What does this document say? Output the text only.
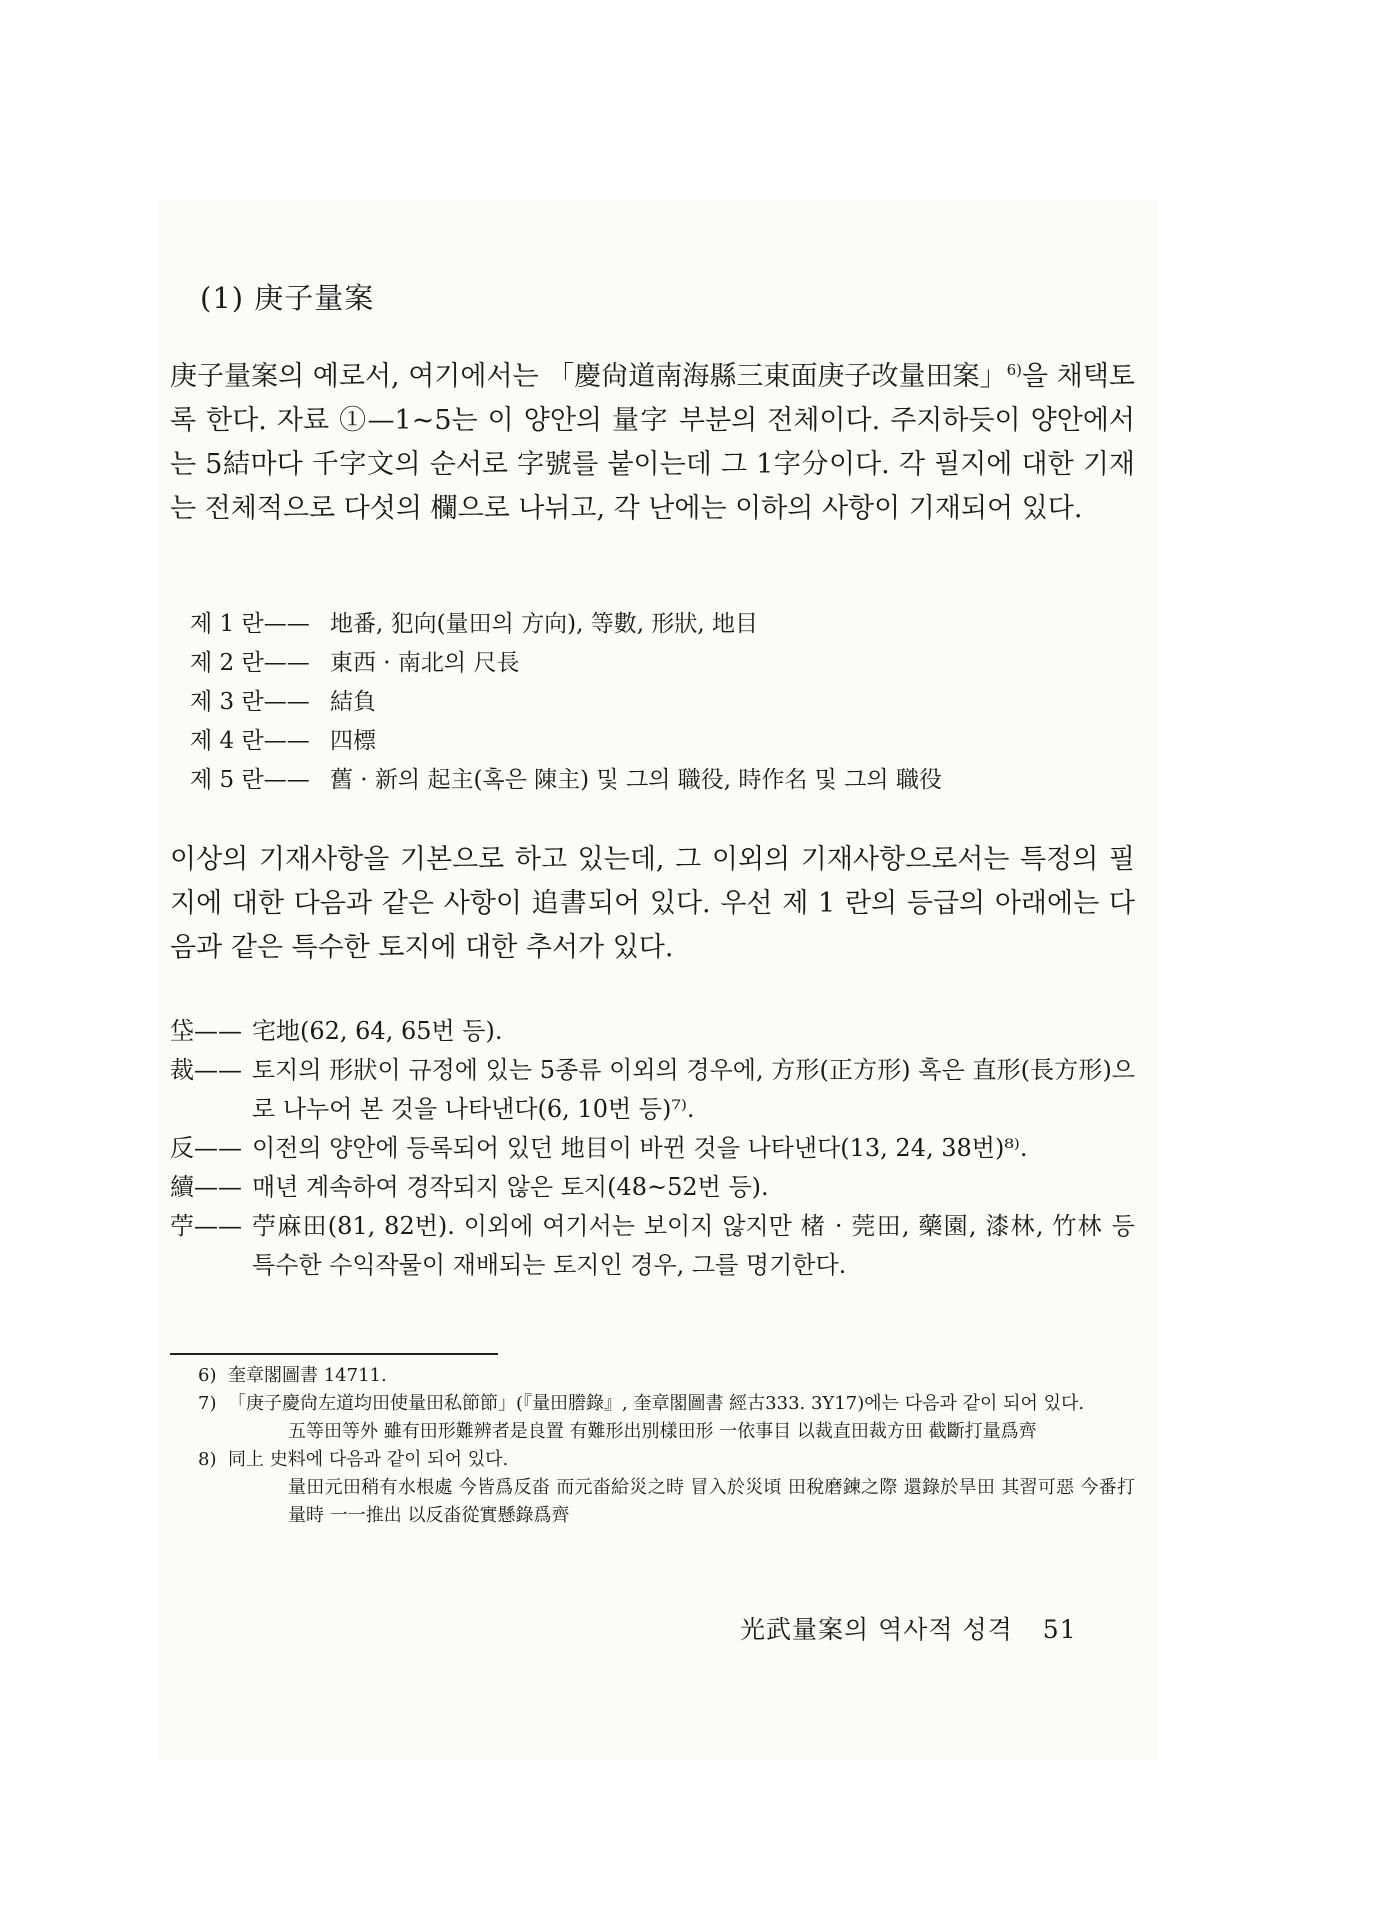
(1) 庚子量案

庚子量案의 예로서, 여기에서는 「慶尙道南海縣三東面庚子改量田案」$^{6)}$을 채택토록 한다. 자료 ①—1~5는 이 양안의 量字 부분의 전체이다. 주지하듯이 양안에서는 5結마다 千字文의 순서로 字號를 붙이는데 그 1字分이다. 각 필지에 대한 기재는 전체적으로 다섯의 欄으로 나뉘고, 각 난에는 이하의 사항이 기재되어 있다.

제 1 란—— 地番, 犯向(量田의 方向), 等數, 形狀, 地目
제 2 란—— 東西 · 南北의 尺長
제 3 란—— 結負
제 4 란—— 四標
제 5 란—— 舊 · 新의 起主(혹은 陳主) 및 그의 職役, 時作名 및 그의 職役

이상의 기재사항을 기본으로 하고 있는데, 그 이외의 기재사항으로서는 특정의 필지에 대한 다음과 같은 사항이 追書되어 있다. 우선 제 1 란의 등급의 아래에는 다음과 같은 특수한 토지에 대한 추서가 있다.

垈—— 宅地(62, 64, 65번 등).
裁—— 토지의 形狀이 규정에 있는 5종류 이외의 경우에, 方形(正方形) 혹은 直形(長方形)으로 나누어 본 것을 나타낸다(6, 10번 등)⁷⁾.
反—— 이전의 양안에 등록되어 있던 地目이 바뀐 것을 나타낸다(13, 24, 38번)⁸⁾.
續—— 매년 계속하여 경작되지 않은 토지(48~52번 등).
苧—— 苧麻田(81, 82번). 이외에 여기서는 보이지 않지만 楮 · 莞田, 藥園, 漆林, 竹林 등 특수한 수익작물이 재배되는 토지인 경우, 그를 명기한다.
6) 奎章閣圖書 14711.
7) 「庚子慶尙左道均田使量田私節節」(『量田謄錄』, 奎章閣圖書 經古333. 3Y17)에는 다음과 같이 되어 있다.
五等田等外 雖有田形難辨者是良置 有難形出別樣田形 一依事目 以裁直田裁方田 截斷打量爲齊
8) 同上 史料에 다음과 같이 되어 있다.
量田元田稍有水根處 今皆爲反畓 而元畓給災之時 冒入於災頃 田稅磨鍊之際 還錄於旱田 其習可惡 今番打量時 一一推出 以反畓從實懸錄爲齊
光武量案의 역사적 성격 51
